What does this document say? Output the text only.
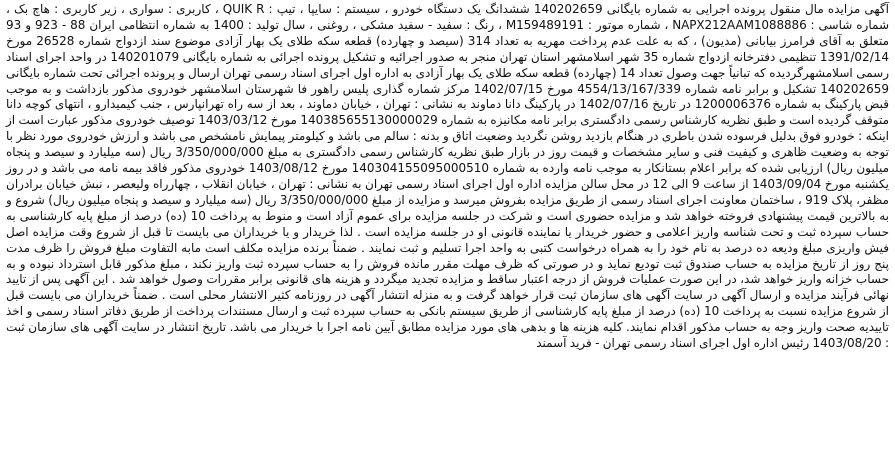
آگهی مزایده مال منقول پرونده اجرایی به شماره بایگانی 140202659 ششدانگ یک دستگاه خودرو ، سیستم : سایپا ، تیپ : QUIK R ، کاربری : سواری ، زیر کاربری : هاچ بک ، شماره شاسی : NAPX212AAM1088886 ، شماره موتور : M159489191 ، رنگ : سفید - سفید مشکی ، روغنی ، سال تولید : 1400 به شماره انتظامی ایران 88 - 923 و 93 متعلق به آقای فرامرز بیابانی (مدیون) ، که به علت عدم پرداخت مهریه به تعداد 314 (سیصد و چهارده) قطعه سکه طلای یک بهار آزادی موضوع سند ازدواج شماره 26528 مورخ 1391/02/14 تنظیمی دفترخانه ازدواج شماره 35 شهر اسلامشهر استان تهران منجر به صدور اجرائیه و تشکیل پرونده اجرائی به شماره بایگانی 140201079 در واحد اجرای اسناد رسمی اسلامشهرگردیده که تبانیاً جهت وصول تعداد 14 (چهارده) قطعه سکه طلای یک بهار آزادی به اداره اول اجرای اسناد رسمی تهران ارسال و پرونده اجرائی تحت شماره بایگانی 140202659 تشکیل و برابر نامه شماره 4554/13/167/339 مورخ 1402/07/15 مرکز شماره گذاری پلیس راهور فا شهرستان اسلامشهر خودروی مذکور بازداشت و به موجب قبض پارکینگ به شماره 1200006376 در تاریخ 1402/07/16 در پارکینگ دانا دماوند به نشانی : تهران ، خیابان دماوند ، بعد از سه راه تهرانپارس ، جنب کیمیدارو ، انتهای کوچه دانا متوقف گردیده است و طبق نظریه کارشناس رسمی دادگستری برابر نامه مکانیزه به شماره 140385655130000029 مورخ 1403/03/12 توصیف خودروی مذکور عبارت است از اینکه : خودرو فوق بدلیل فرسوده شدن باطری در هنگام بازدید روشن نگردید وضعیت اتاق و بدنه : سالم می باشد و کیلومتر پیمایش نامشخص می باشد و ارزش خودروی مورد نظر با توجه به وضعیت ظاهری و کیفیت فنی و سایر مشخصات و قیمت روز در بازار طبق نظریه کارشناس رسمی دادگستری به مبلغ 3/350/000/000 ریال (سه میلیارد و سیصد و پنجاه میلیون ریال) ارزیابی شده که برابر اعلام بستانکار به موجب نامه وارده به شماره 140304155095000510 مورخ 1403/08/12 خودروی مذکور فاقد بیمه نامه می باشد و در روز یکشنبه مورخ 1403/09/04 از ساعت 9 الی 12 در محل سالن مزایده اداره اول اجرای اسناد رسمی تهران به نشانی : تهران ، خیابان انقلاب ، چهارراه ولیعصر ، نبش خیابان برادران مظفر، پلاک 919 ، ساختمان معاونت اجرای اسناد رسمی از طریق مزایده بفروش میرسد و مزایده از مبلغ 3/350/000/000 ریال (سه میلیارد و سیصد و پنجاه میلیون ریال) شروع و به بالاترین قیمت پیشنهادی فروخته خواهد شد و مزایده حضوری است و شرکت در جلسه مزایده برای عموم آزاد است و منوط به پرداخت 10 (ده) درصد از مبلغ پایه کارشناسی به حساب سپرده ثبت و تحت شناسه واریز اعلامی و حضور خریدار یا نماینده قانونی او در جلسه مزایده است . لذا خریدار و یا خریداران می بایست تا قبل از شروع وقت مزایده اصل فیش واریزی مبلغ ودیعه ده درصد به نام خود را به همراه درخواست کتبی به واحد اجرا تسلیم و ثبت نمایند . ضمناً برنده مزایده مکلف است مابه التفاوت مبلغ فروش را ظرف مدت پنج روز از تاریخ مزایده به حساب صندوق ثبت تودیع نماید و در صورتی که ظرف مهلت مقرر مانده فروش را به حساب سپرده ثبت واریز نکند ، مبلغ مذکور قابل استرداد نبوده و به حساب خزانه واریز خواهد شد، در این صورت عملیات فروش از درجه اعتبار ساقط و مزایده تجدید میگردد و هزینه های قانونی برابر مقررات وصول خواهد شد . این آگهی پس از تایید نهائی فرآیند مزایده و ارسال آگهی در سایت آگهی های سازمان ثبت قرار خواهد گرفت و به منزله انتشار آگهی در روزنامه کثیر الانتشار محلی است . ضمناً خریداران می بایست قبل از شروع مزایده نسبت به پرداخت 10 (ده) درصد از مبلغ پایه کارشناسی از طریق سیستم بانکی به حساب سپرده ثبت و ارسال مستندات پرداخت از طریق دفاتر اسناد رسمی و اخذ تاییدیه صحت واریز وجه به حساب مذکور اقدام نمایند. کلیه هزینه ها و بدهی های مورد مزایده مطابق آیین نامه اجرا با خریدار می باشد. تاریخ انتشار در سایت آگهی های سازمان ثبت : 1403/08/20 رئیس اداره اول اجرای اسناد رسمی تهران - فرید آسمند
